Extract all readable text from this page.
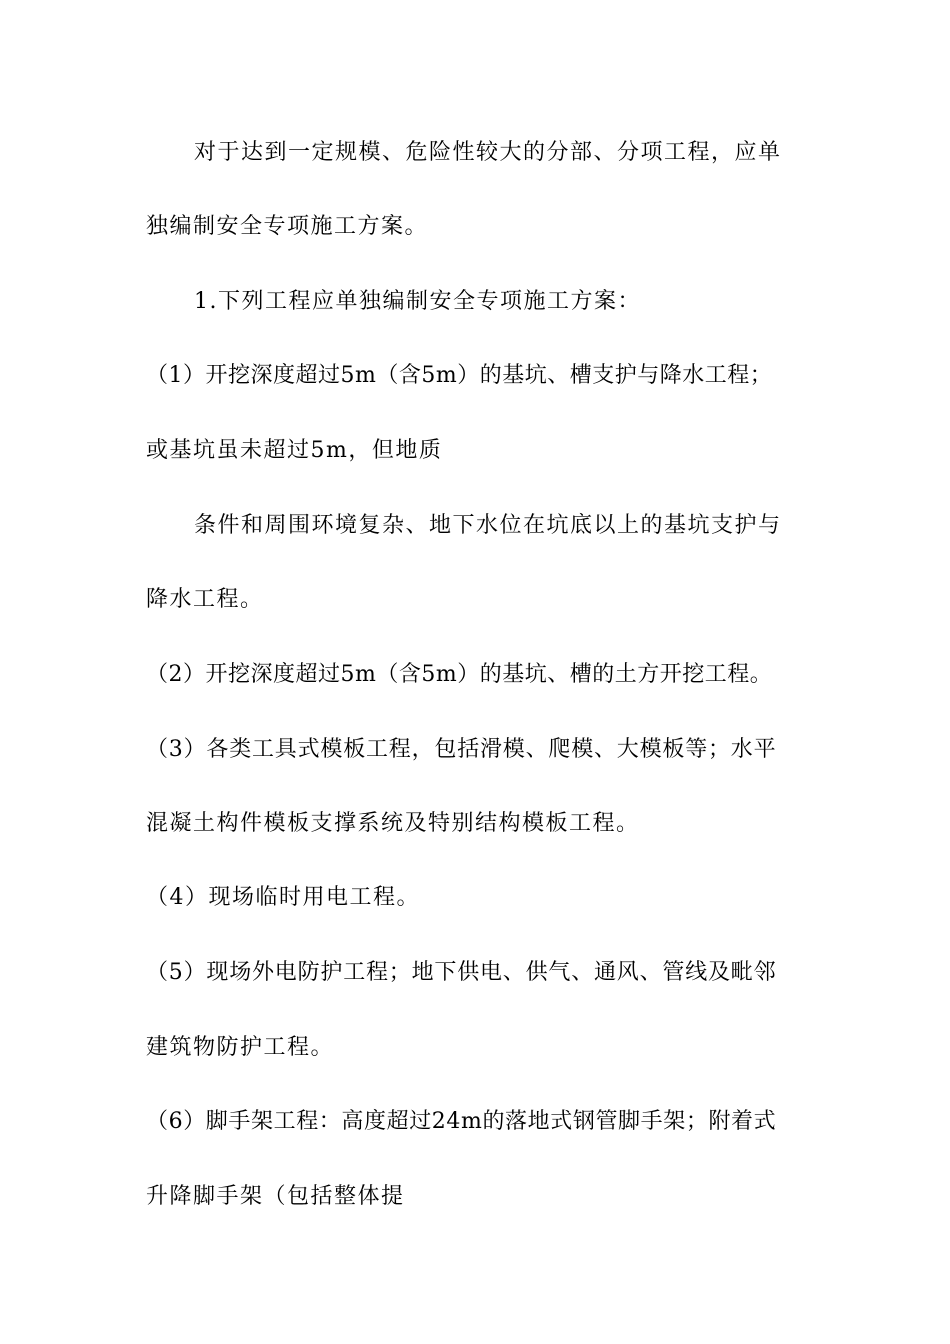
对于达到一定规模、危险性较大的分部、分项工程，应单
独编制安全专项施工方案。
1.下列工程应单独编制安全专项施工方案：
（1）开挖深度超过5m（含5m）的基坑、槽支护与降水工程；
或基坑虽未超过5m，但地质
条件和周围环境复杂、地下水位在坑底以上的基坑支护与
降水工程。
（2）开挖深度超过5m（含5m）的基坑、槽的土方开挖工程。
（3）各类工具式模板工程，包括滑模、爬模、大模板等；水平
混凝土构件模板支撑系统及特别结构模板工程。
（4）现场临时用电工程。
（5）现场外电防护工程；地下供电、供气、通风、管线及毗邻
建筑物防护工程。
（6）脚手架工程：高度超过24m的落地式钢管脚手架；附着式
升降脚手架（包括整体提
